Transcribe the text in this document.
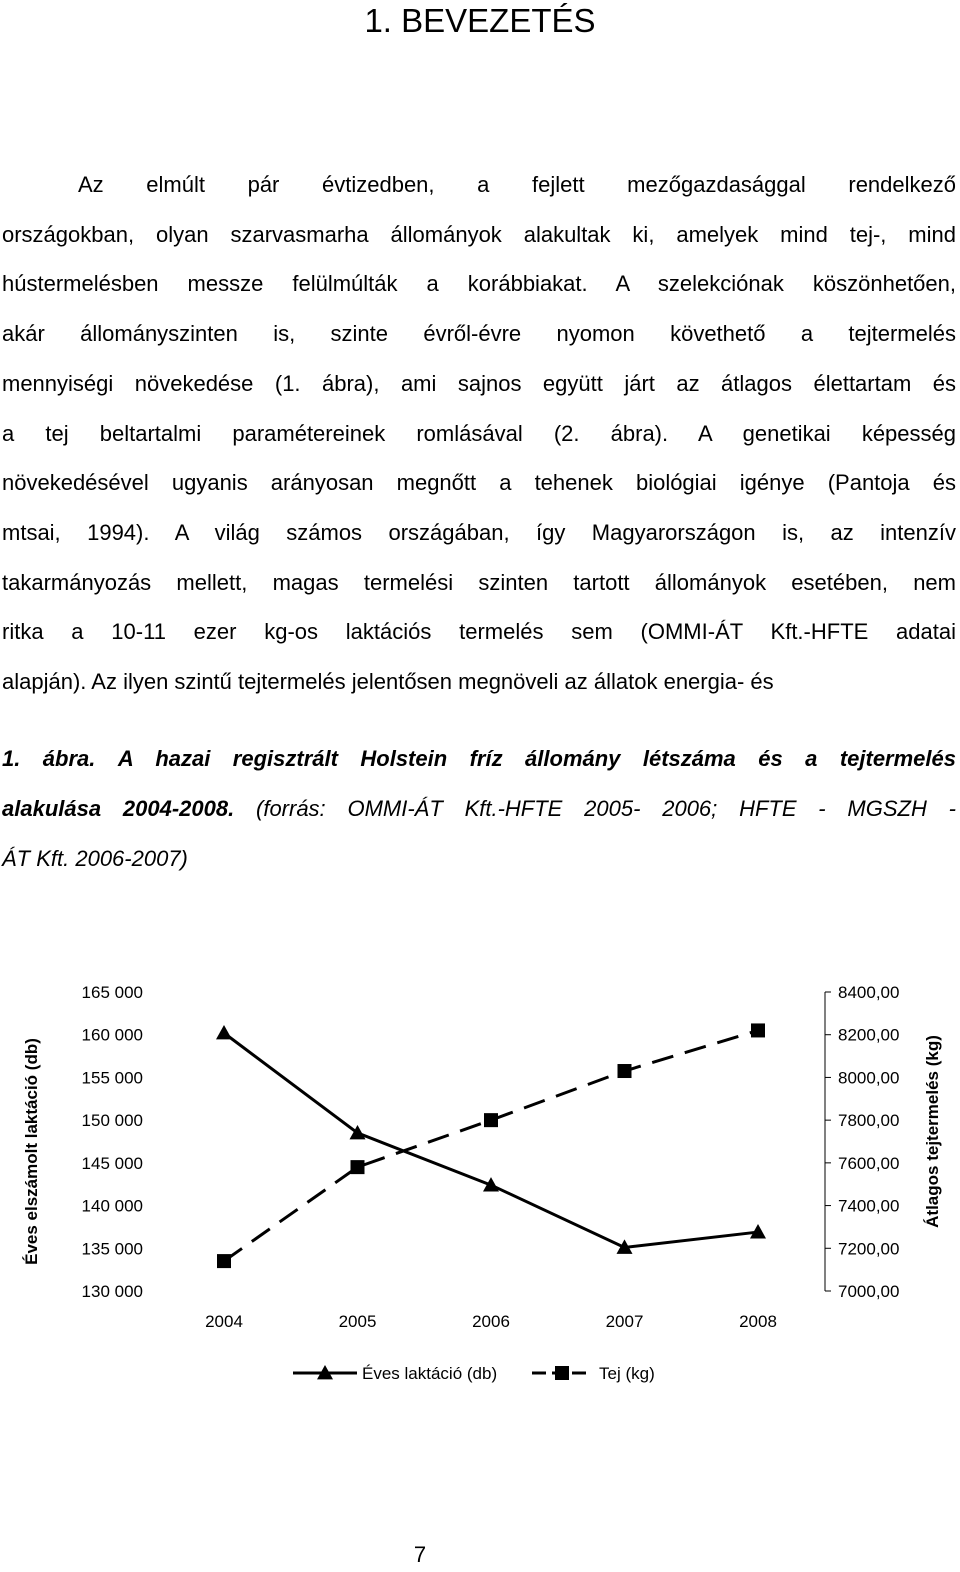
1. BEVEZETÉS
Az elmúlt pár évtizedben, a fejlett mezőgazdasággal rendelkező
országokban, olyan szarvasmarha állományok alakultak ki, amelyek mind tej-, mind
hústermelésben messze felülmúlták a korábbiakat. A szelekciónak köszönhetően,
akár állományszinten is, szinte évről-évre nyomon követhető a tejtermelés
mennyiségi növekedése (1. ábra), ami sajnos együtt járt az átlagos élettartam és
a tej beltartalmi paramétereinek romlásával (2. ábra). A genetikai képesség
növekedésével ugyanis arányosan megnőtt a tehenek biológiai igénye (Pantoja és
mtsai, 1994). A világ számos országában, így Magyarországon is, az intenzív
takarmányozás mellett, magas termelési szinten tartott állományok esetében, nem
ritka a 10-11 ezer kg-os laktációs termelés sem (OMMI-ÁT Kft.-HFTE adatai
alapján). Az ilyen szintű tejtermelés jelentősen megnöveli az állatok energia- és
1. ábra. A hazai regisztrált Holstein fríz állomány létszáma és a tejtermelés
alakulása 2004-2008. (forrás: OMMI-ÁT Kft.-HFTE 2005- 2006; HFTE - MGSZH -
ÁT Kft. 2006-2007)
7000,00
7200,00
7400,00
7600,00
7800,00
8000,00
8200,00
8400,00
130 000
135 000
140 000
145 000
150 000
155 000
160 000
165 000
2004	2005	2006	2007	2008
Éves elszámolt laktáció (db)	Átlagos tejtermelés (kg)
Éves laktáció (db)	Tej (kg)
7
